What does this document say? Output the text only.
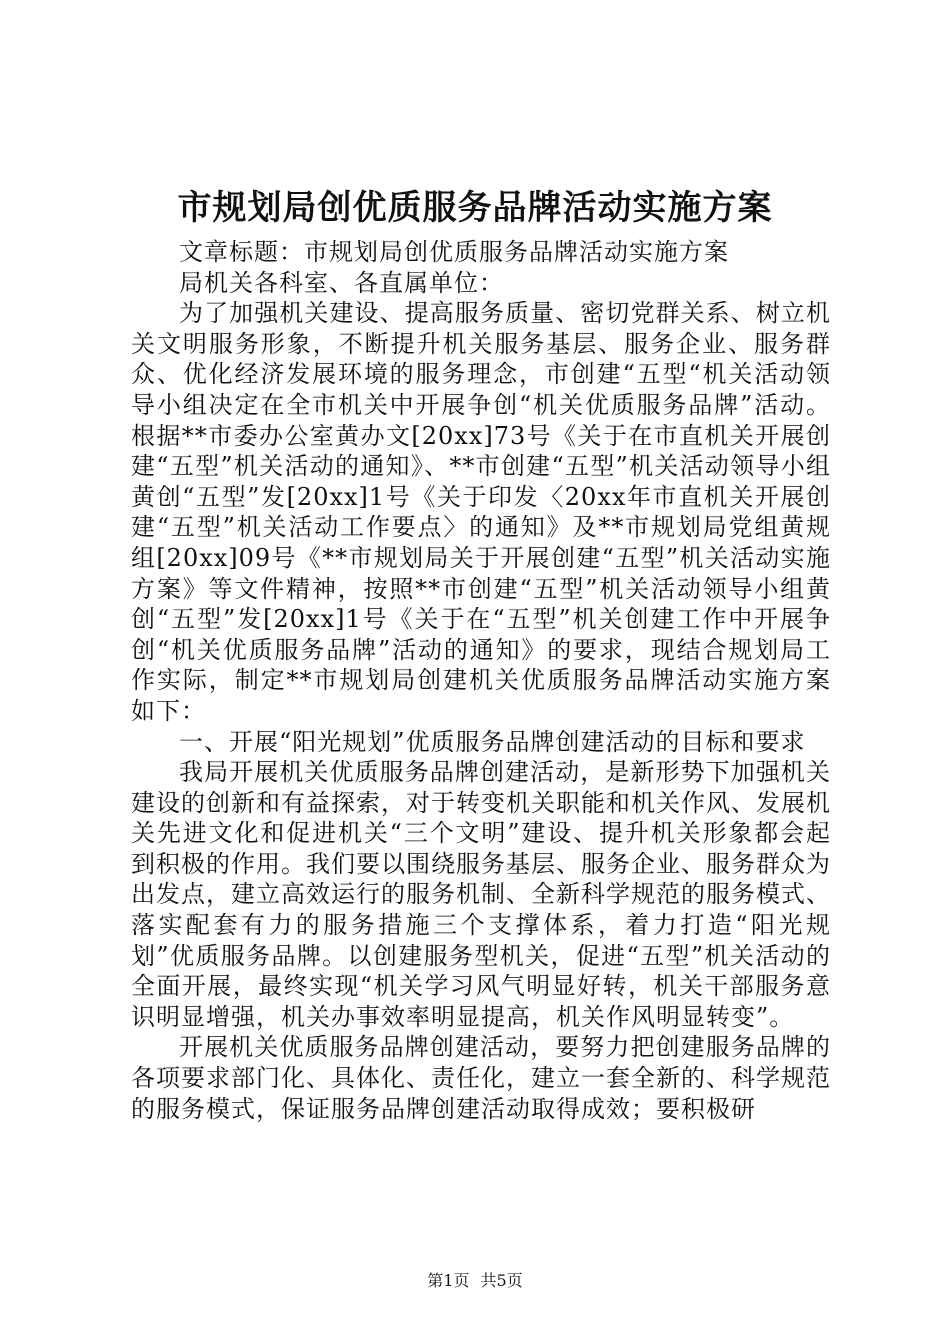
市规划局创优质服务品牌活动实施方案

文章标题：市规划局创优质服务品牌活动实施方案

局机关各科室、各直属单位：

为了加强机关建设、提高服务质量、密切党群关系、树立机关文明服务形象，不断提升机关服务基层、服务企业、服务群众、优化经济发展环境的服务理念，市创建“五型“机关活动领导小组决定在全市机关中开展争创“机关优质服务品牌”活动。根据**市委办公室黄办文[20xx]73号《关于在市直机关开展创建“五型”机关活动的通知》、**市创建“五型”机关活动领导小组黄创“五型”发[20xx]1号《关于印发〈20xx年市直机关开展创建“五型”机关活动工作要点〉的通知》及**市规划局党组黄规组[20xx]09号《**市规划局关于开展创建“五型”机关活动实施方案》等文件精神，按照**市创建“五型”机关活动领导小组黄创“五型”发[20xx]1号《关于在“五型”机关创建工作中开展争创“机关优质服务品牌”活动的通知》的要求，现结合规划局工作实际，制定**市规划局创建机关优质服务品牌活动实施方案如下：

一、开展“阳光规划”优质服务品牌创建活动的目标和要求

我局开展机关优质服务品牌创建活动，是新形势下加强机关建设的创新和有益探索，对于转变机关职能和机关作风、发展机关先进文化和促进机关“三个文明”建设、提升机关形象都会起到积极的作用。我们要以围绕服务基层、服务企业、服务群众为出发点，建立高效运行的服务机制、全新科学规范的服务模式、落实配套有力的服务措施三个支撑体系，着力打造“阳光规划”优质服务品牌。以创建服务型机关，促进“五型”机关活动的全面开展，最终实现“机关学习风气明显好转，机关干部服务意识明显增强，机关办事效率明显提高，机关作风明显转变”。

开展机关优质服务品牌创建活动，要努力把创建服务品牌的各项要求部门化、具体化、责任化，建立一套全新的、科学规范的服务模式，保证服务品牌创建活动取得成效；要积极研

第1页 共5页
